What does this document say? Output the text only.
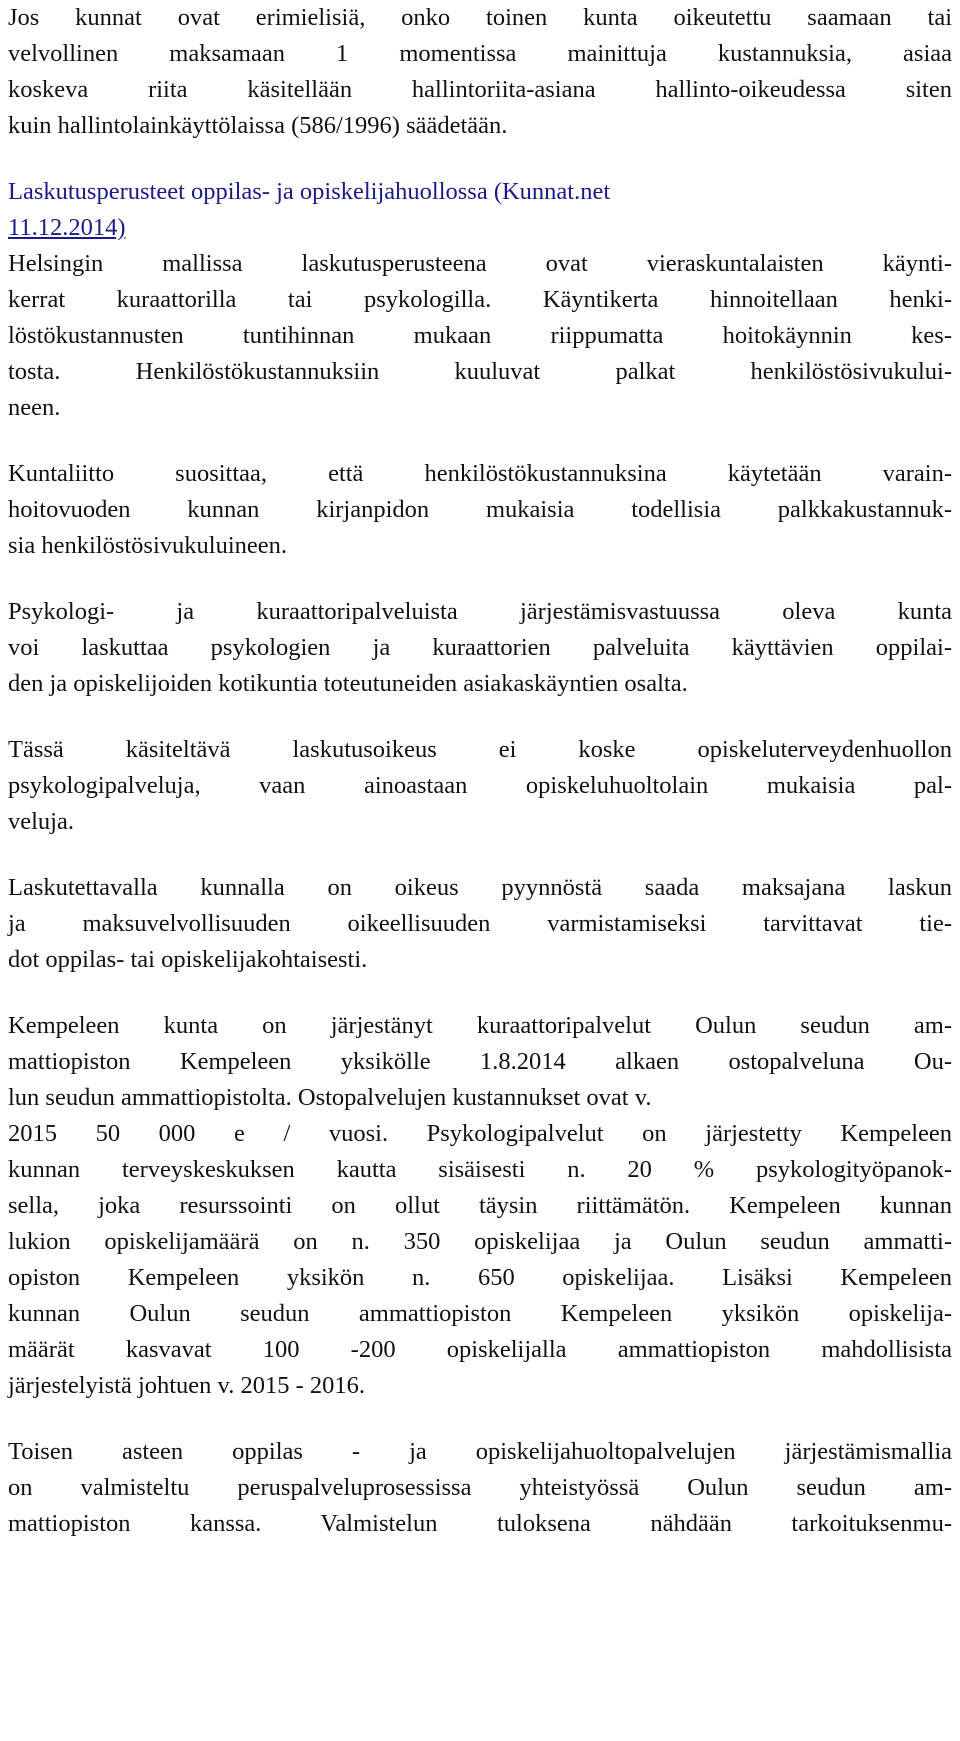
Jos kunnat ovat erimielisiä, onko toinen kunta oikeutettu saamaan tai
velvollinen maksamaan 1 momentissa mainittuja kustannuksia, asiaa
koskeva riita käsitellään hallintoriita-asiana hallinto-oikeudessa siten
kuin hallintolainkäyttölaissa (586/1996) säädetään.
Laskutusperusteet oppilas- ja opiskelijahuollossa (Kunnat.net
11.12.2014)
Helsingin mallissa laskutusperusteena ovat vieraskuntalaisten käynti-
kerrat kuraattorilla tai psykologilla. Käyntikerta hinnoitellaan henki-
löstökustannusten tuntihinnan mukaan riippumatta hoitokäynnin kes-
tosta. Henkilöstökustannuksiin kuuluvat palkat henkilöstösivukului-
neen.
Kuntaliitto suosittaa, että henkilöstökustannuksina käytetään varain-
hoitovuoden kunnan kirjanpidon mukaisia todellisia palkkakustannuk-
sia henkilöstösivukuluineen.
Psykologi- ja kuraattoripalveluista järjestämisvastuussa oleva kunta
voi laskuttaa psykologien ja kuraattorien palveluita käyttävien oppilai-
den ja opiskelijoiden kotikuntia toteutuneiden asiakaskäyntien osalta.
Tässä käsiteltävä laskutusoikeus ei koske opiskeluterveydenhuollon
psykologipalveluja, vaan ainoastaan opiskeluhuoltolain mukaisia pal-
veluja.
Laskutettavalla kunnalla on oikeus pyynnöstä saada maksajana laskun
ja maksuvelvollisuuden oikeellisuuden varmistamiseksi tarvittavat tie-
dot oppilas- tai opiskelijakohtaisesti.
Kempeleen kunta on järjestänyt kuraattoripalvelut Oulun seudun am-
mattiopiston Kempeleen yksikölle 1.8.2014 alkaen ostopalveluna Ou-
lun seudun ammattiopistolta. Ostopalvelujen kustannukset ovat v.
2015 50 000 e / vuosi. Psykologipalvelut on järjestetty Kempeleen
kunnan terveyskeskuksen kautta sisäisesti n. 20 % psykologityöpanok-
sella, joka resurssointi on ollut täysin riittämätön. Kempeleen kunnan
lukion opiskelijamäärä on n. 350 opiskelijaa ja Oulun seudun ammatti-
opiston Kempeleen yksikön n. 650 opiskelijaa. Lisäksi Kempeleen
kunnan Oulun seudun ammattiopiston Kempeleen yksikön opiskelija-
määrät kasvavat 100 -200 opiskelijalla ammattiopiston mahdollisista
järjestelyistä johtuen v. 2015 - 2016.
Toisen asteen oppilas - ja opiskelijahuoltopalvelujen järjestämismallia
on valmisteltu peruspalveluprosessissa yhteistyössä Oulun seudun am-
mattiopiston kanssa. Valmistelun tuloksena nähdään tarkoituksenmu-
